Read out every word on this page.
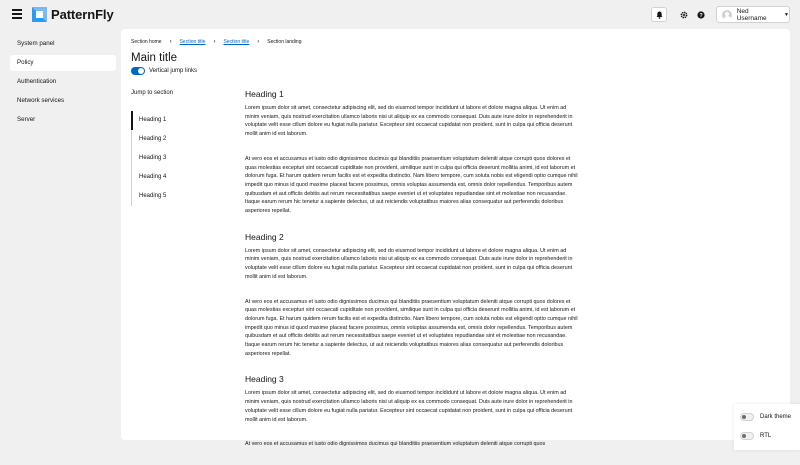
PatternFly	?
Ned Username	▼
System panel
Policy
Authentication
Network services
Server
Section home › Section title › Section title › Section landing
Main title
Vertical jump links
Jump to section
Heading 1
Heading 2
Heading 3
Heading 4
Heading 5
Heading 1

Lorem ipsum dolor sit amet, consectetur adipiscing elit, sed do eiusmod tempor incididunt ut labore et dolore magna aliqua. Ut enim ad minim veniam, quis nostrud exercitation ullamco laboris nisi ut aliquip ex ea commodo consequat. Duis aute irure dolor in reprehenderit in voluptate velit esse cillum dolore eu fugiat nulla pariatur. Excepteur sint occaecat cupidatat non proident, sunt in culpa qui officia deserunt mollit anim id est laborum.

At vero eos et accusamus et iusto odio dignissimos ducimus qui blanditiis praesentium voluptatum deleniti atque corrupti quos dolores et quas molestias excepturi sint occaecati cupiditate non provident, similique sunt in culpa qui officia deserunt mollitia animi, id est laborum et dolorum fuga. Et harum quidem rerum facilis est et expedita distinctio. Nam libero tempore, cum soluta nobis est eligendi optio cumque nihil impedit quo minus id quod maxime placeat facere possimus, omnis voluptas assumenda est, omnis dolor repellendus. Temporibus autem quibusdam et aut officiis debitis aut rerum necessitatibus saepe eveniet ut et voluptates repudiandae sint et molestiae non recusandae. Itaque earum rerum hic tenetur a sapiente delectus, ut aut reiciendis voluptatibus maiores alias consequatur aut perferendis doloribus asperiores repellat.

Heading 2

Lorem ipsum dolor sit amet, consectetur adipiscing elit, sed do eiusmod tempor incididunt ut labore et dolore magna aliqua. Ut enim ad minim veniam, quis nostrud exercitation ullamco laboris nisi ut aliquip ex ea commodo consequat. Duis aute irure dolor in reprehenderit in voluptate velit esse cillum dolore eu fugiat nulla pariatur. Excepteur sint occaecat cupidatat non proident, sunt in culpa qui officia deserunt mollit anim id est laborum.

At vero eos et accusamus et iusto odio dignissimos ducimus qui blanditiis praesentium voluptatum deleniti atque corrupti quos dolores et quas molestias excepturi sint occaecati cupiditate non provident, similique sunt in culpa qui officia deserunt mollitia animi, id est laborum et dolorum fuga. Et harum quidem rerum facilis est et expedita distinctio. Nam libero tempore, cum soluta nobis est eligendi optio cumque nihil impedit quo minus id quod maxime placeat facere possimus, omnis voluptas assumenda est, omnis dolor repellendus. Temporibus autem quibusdam et aut officiis debitis aut rerum necessitatibus saepe eveniet ut et voluptates repudiandae sint et molestiae non recusandae. Itaque earum rerum hic tenetur a sapiente delectus, ut aut reiciendis voluptatibus maiores alias consequatur aut perferendis doloribus asperiores repellat.

Heading 3

Lorem ipsum dolor sit amet, consectetur adipiscing elit, sed do eiusmod tempor incididunt ut labore et dolore magna aliqua. Ut enim ad minim veniam, quis nostrud exercitation ullamco laboris nisi ut aliquip ex ea commodo consequat. Duis aute irure dolor in reprehenderit in voluptate velit esse cillum dolore eu fugiat nulla pariatur. Excepteur sint occaecat cupidatat non proident, sunt in culpa qui officia deserunt mollit anim id est laborum.

At vero eos et accusamus et iusto odio dignissimos ducimus qui blanditiis praesentium voluptatum deleniti atque corrupti quos

Dark theme
RTL
